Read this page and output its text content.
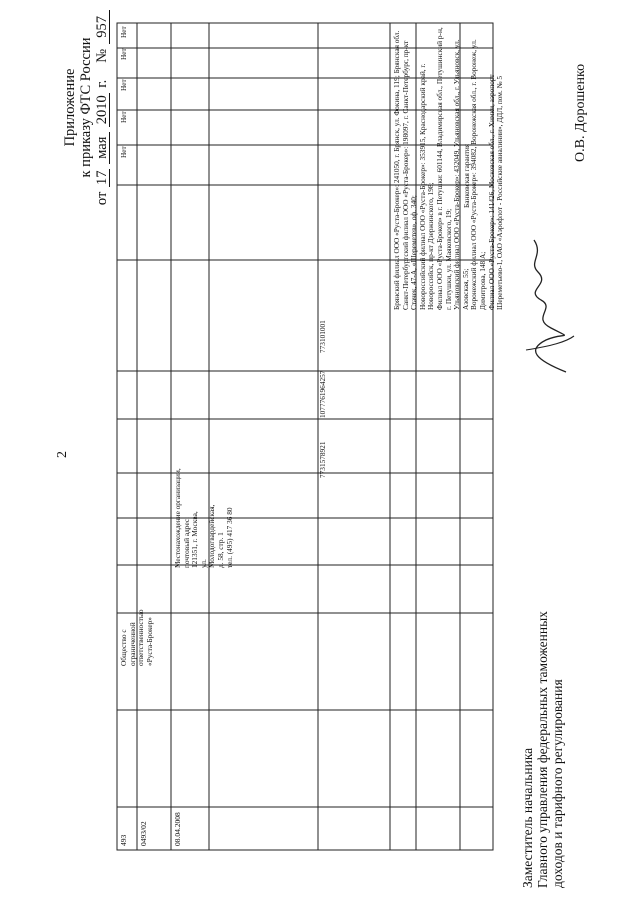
2
Приложение к приказу ФТС России
от
17
мая
2010
г.
№
957
493	0493/02	08.04.2008
Общество с ограниченной ответственностью «Руста-Брокер»
Местонахождение организации, почтовый адрес: 121351, г. Москва, ул. Молодогвардейская, д. 58, стр. 1 тел. (495) 417 36 80
7731578921
1077761964257
773101001
Брянский филиал ООО «Руста-Брокер»: 241050, г. Брянск, ул. Фокина, 119; Брянская обл. Санкт-Петербургский филиал ООО «Руста-Брокер»: 198097, г. Санкт-Петербург, пр-кт Стачек, 47-А, «Шереметев», оф. 340; Новороссийский филиал ООО «Руста-Брокер»: 353915, Краснодарский край, г. Новороссийск, пр-кт Дзержинского, 198; Филиал ООО «Руста-Брокер» в г. Петушки: 601144, Владимирская обл., Петушинский р-н, г. Петушки, ул. Маяковского, 19; Ульяновский филиал ООО «Руста-Брокер»: 432049, Ульяновская обл., г. Ульяновск, ул. Азовская, 55; Воронежский филиал ООО «Руста-Брокер»: 394082, Воронежская обл., г. Воронеж, ул. Димитрова, 148 А; Филиал ООО «Руста-Брокер»: 141426, Московская обл., г. Химки, аэропорт Шереметьево-1, ОАО «Аэрофлот - Российские авиалинии», ДДЛ, пом. № 5
Банковская гарантия
Нет
Нет
Нет
Нет
Нет
Заместитель начальника Главного управления федеральных таможенных доходов и тарифного регулирования
О.В. Дорошенко
